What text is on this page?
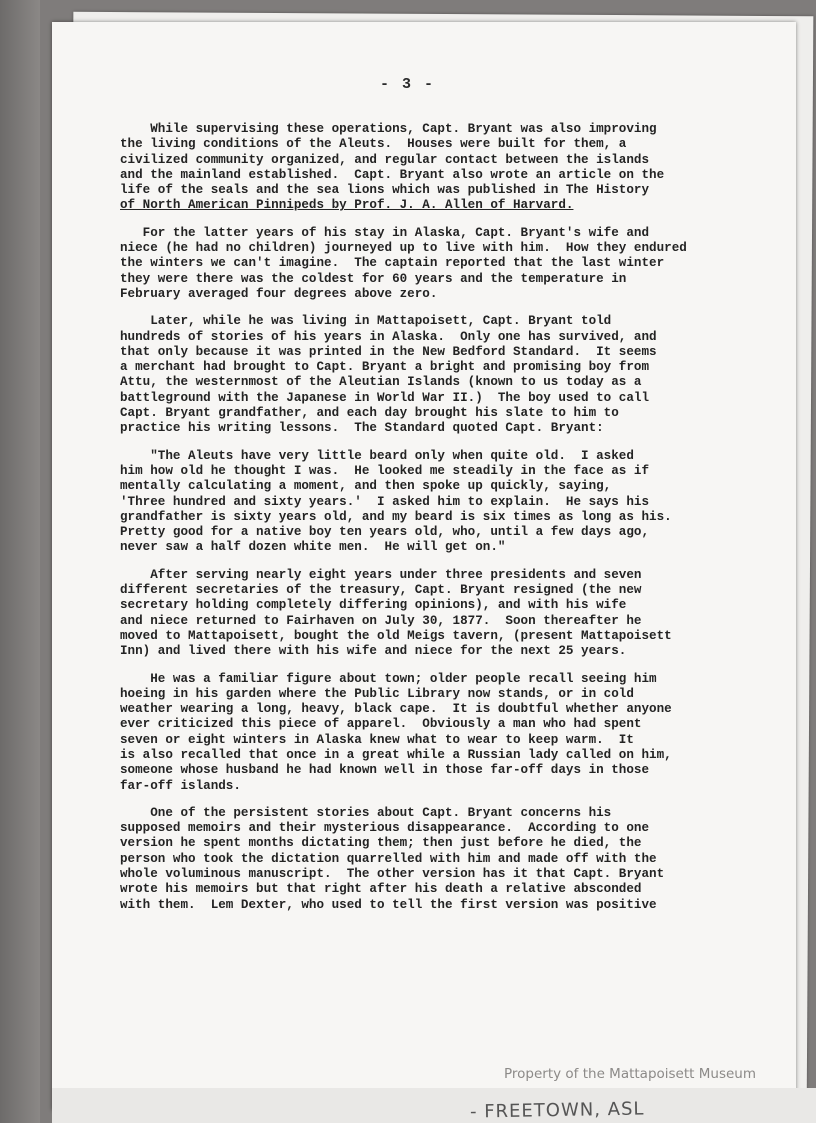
- 3 -

While supervising these operations, Capt. Bryant was also improving
the living conditions of the Aleuts.  Houses were built for them, a
civilized community organized, and regular contact between the islands
and the mainland established.  Capt. Bryant also wrote an article on the
life of the seals and the sea lions which was published in The History
of North American Pinnipeds by Prof. J. A. Allen of Harvard.

For the latter years of his stay in Alaska, Capt. Bryant's wife and
niece (he had no children) journeyed up to live with him.  How they endured
the winters we can't imagine.  The captain reported that the last winter
they were there was the coldest for 60 years and the temperature in
February averaged four degrees above zero.

Later, while he was living in Mattapoisett, Capt. Bryant told
hundreds of stories of his years in Alaska.  Only one has survived, and
that only because it was printed in the New Bedford Standard.  It seems
a merchant had brought to Capt. Bryant a bright and promising boy from
Attu, the westernmost of the Aleutian Islands (known to us today as a
battleground with the Japanese in World War II.)  The boy used to call
Capt. Bryant grandfather, and each day brought his slate to him to
practice his writing lessons.  The Standard quoted Capt. Bryant:

"The Aleuts have very little beard only when quite old.  I asked
him how old he thought I was.  He looked me steadily in the face as if
mentally calculating a moment, and then spoke up quickly, saying,
'Three hundred and sixty years.'  I asked him to explain.  He says his
grandfather is sixty years old, and my beard is six times as long as his.
Pretty good for a native boy ten years old, who, until a few days ago,
never saw a half dozen white men.  He will get on."

After serving nearly eight years under three presidents and seven
different secretaries of the treasury, Capt. Bryant resigned (the new
secretary holding completely differing opinions), and with his wife
and niece returned to Fairhaven on July 30, 1877.  Soon thereafter he
moved to Mattapoisett, bought the old Meigs tavern, (present Mattapoisett
Inn) and lived there with his wife and niece for the next 25 years.

He was a familiar figure about town; older people recall seeing him
hoeing in his garden where the Public Library now stands, or in cold
weather wearing a long, heavy, black cape.  It is doubtful whether anyone
ever criticized this piece of apparel.  Obviously a man who had spent
seven or eight winters in Alaska knew what to wear to keep warm.  It
is also recalled that once in a great while a Russian lady called on him,
someone whose husband he had known well in those far-off days in those
far-off islands.

One of the persistent stories about Capt. Bryant concerns his
supposed memoirs and their mysterious disappearance.  According to one
version he spent months dictating them; then just before he died, the
person who took the dictation quarrelled with him and made off with the
whole voluminous manuscript.  The other version has it that Capt. Bryant
wrote his memoirs but that right after his death a relative absconded
with them.  Lem Dexter, who used to tell the first version was positive

Property of the Mattapoisett Museum
- FREETOWN, ASL
